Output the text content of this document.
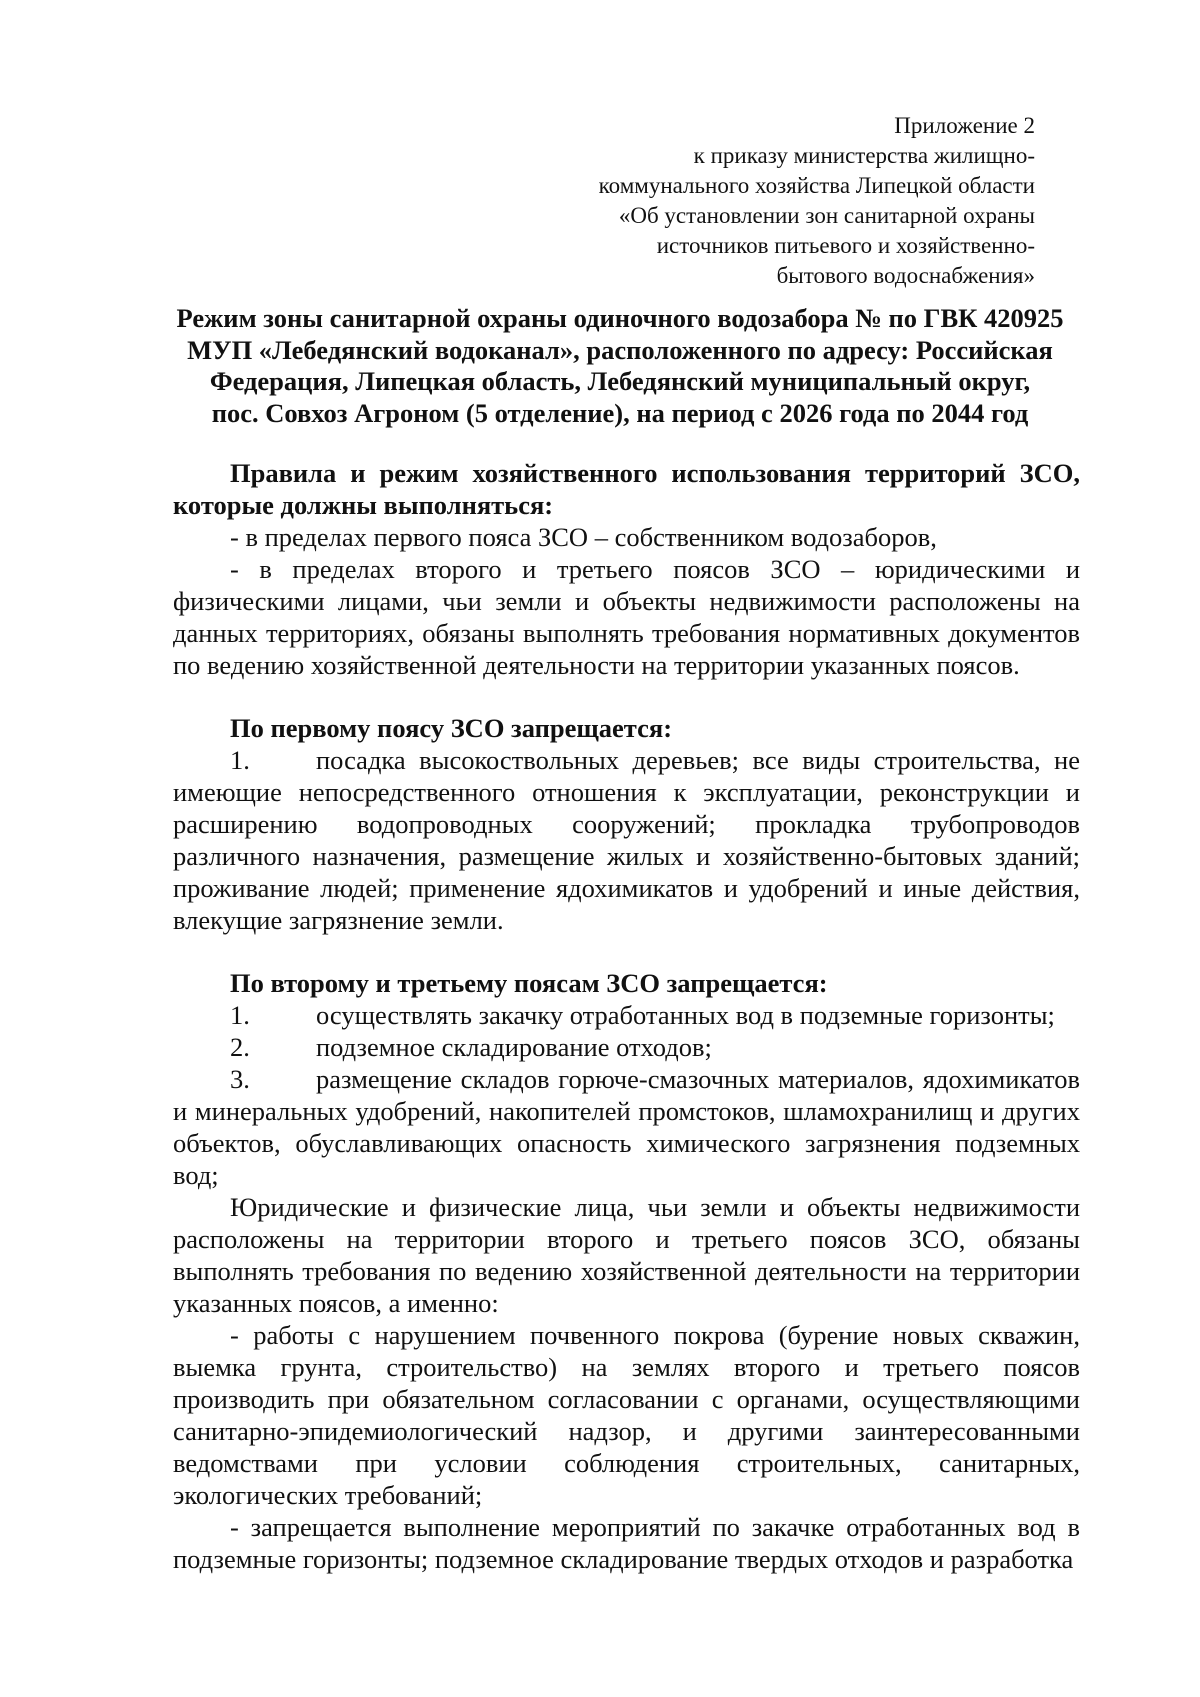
Приложение 2
к приказу министерства жилищно-
коммунального хозяйства Липецкой области
«Об установлении зон санитарной охраны
источников питьевого и хозяйственно-
бытового водоснабжения»
Режим зоны санитарной охраны одиночного водозабора № по ГВК 420925
МУП «Лебедянский водоканал», расположенного по адресу: Российская
Федерация, Липецкая область, Лебедянский муниципальный округ,
пос. Совхоз Агроном (5 отделение), на период с 2026 года по 2044 год

Правила и режим хозяйственного использования территорий ЗСО, которые должны выполняться:

- в пределах первого пояса ЗСО – собственником водозаборов,

- в пределах второго и третьего поясов ЗСО – юридическими и физическими лицами, чьи земли и объекты недвижимости расположены на данных территориях, обязаны выполнять требования нормативных документов по ведению хозяйственной деятельности на территории указанных поясов.

По первому поясу ЗСО запрещается:

1. посадка высокоствольных деревьев; все виды строительства, не имеющие непосредственного отношения к эксплуатации, реконструкции и расширению водопроводных сооружений; прокладка трубопроводов различного назначения, размещение жилых и хозяйственно-бытовых зданий; проживание людей; применение ядохимикатов и удобрений и иные действия, влекущие загрязнение земли.

По второму и третьему поясам ЗСО запрещается:

1. осуществлять закачку отработанных вод в подземные горизонты;

2. подземное складирование отходов;

3. размещение складов горюче-смазочных материалов, ядохимикатов и минеральных удобрений, накопителей промстоков, шламохранилищ и других объектов, обуславливающих опасность химического загрязнения подземных вод;

Юридические и физические лица, чьи земли и объекты недвижимости расположены на территории второго и третьего поясов ЗСО, обязаны выполнять требования по ведению хозяйственной деятельности на территории указанных поясов, а именно:

- работы с нарушением почвенного покрова (бурение новых скважин, выемка грунта, строительство) на землях второго и третьего поясов производить при обязательном согласовании с органами, осуществляющими санитарно-эпидемиологический надзор, и другими заинтересованными ведомствами при условии соблюдения строительных, санитарных, экологических требований;

- запрещается выполнение мероприятий по закачке отработанных вод в подземные горизонты; подземное складирование твердых отходов и разработка
